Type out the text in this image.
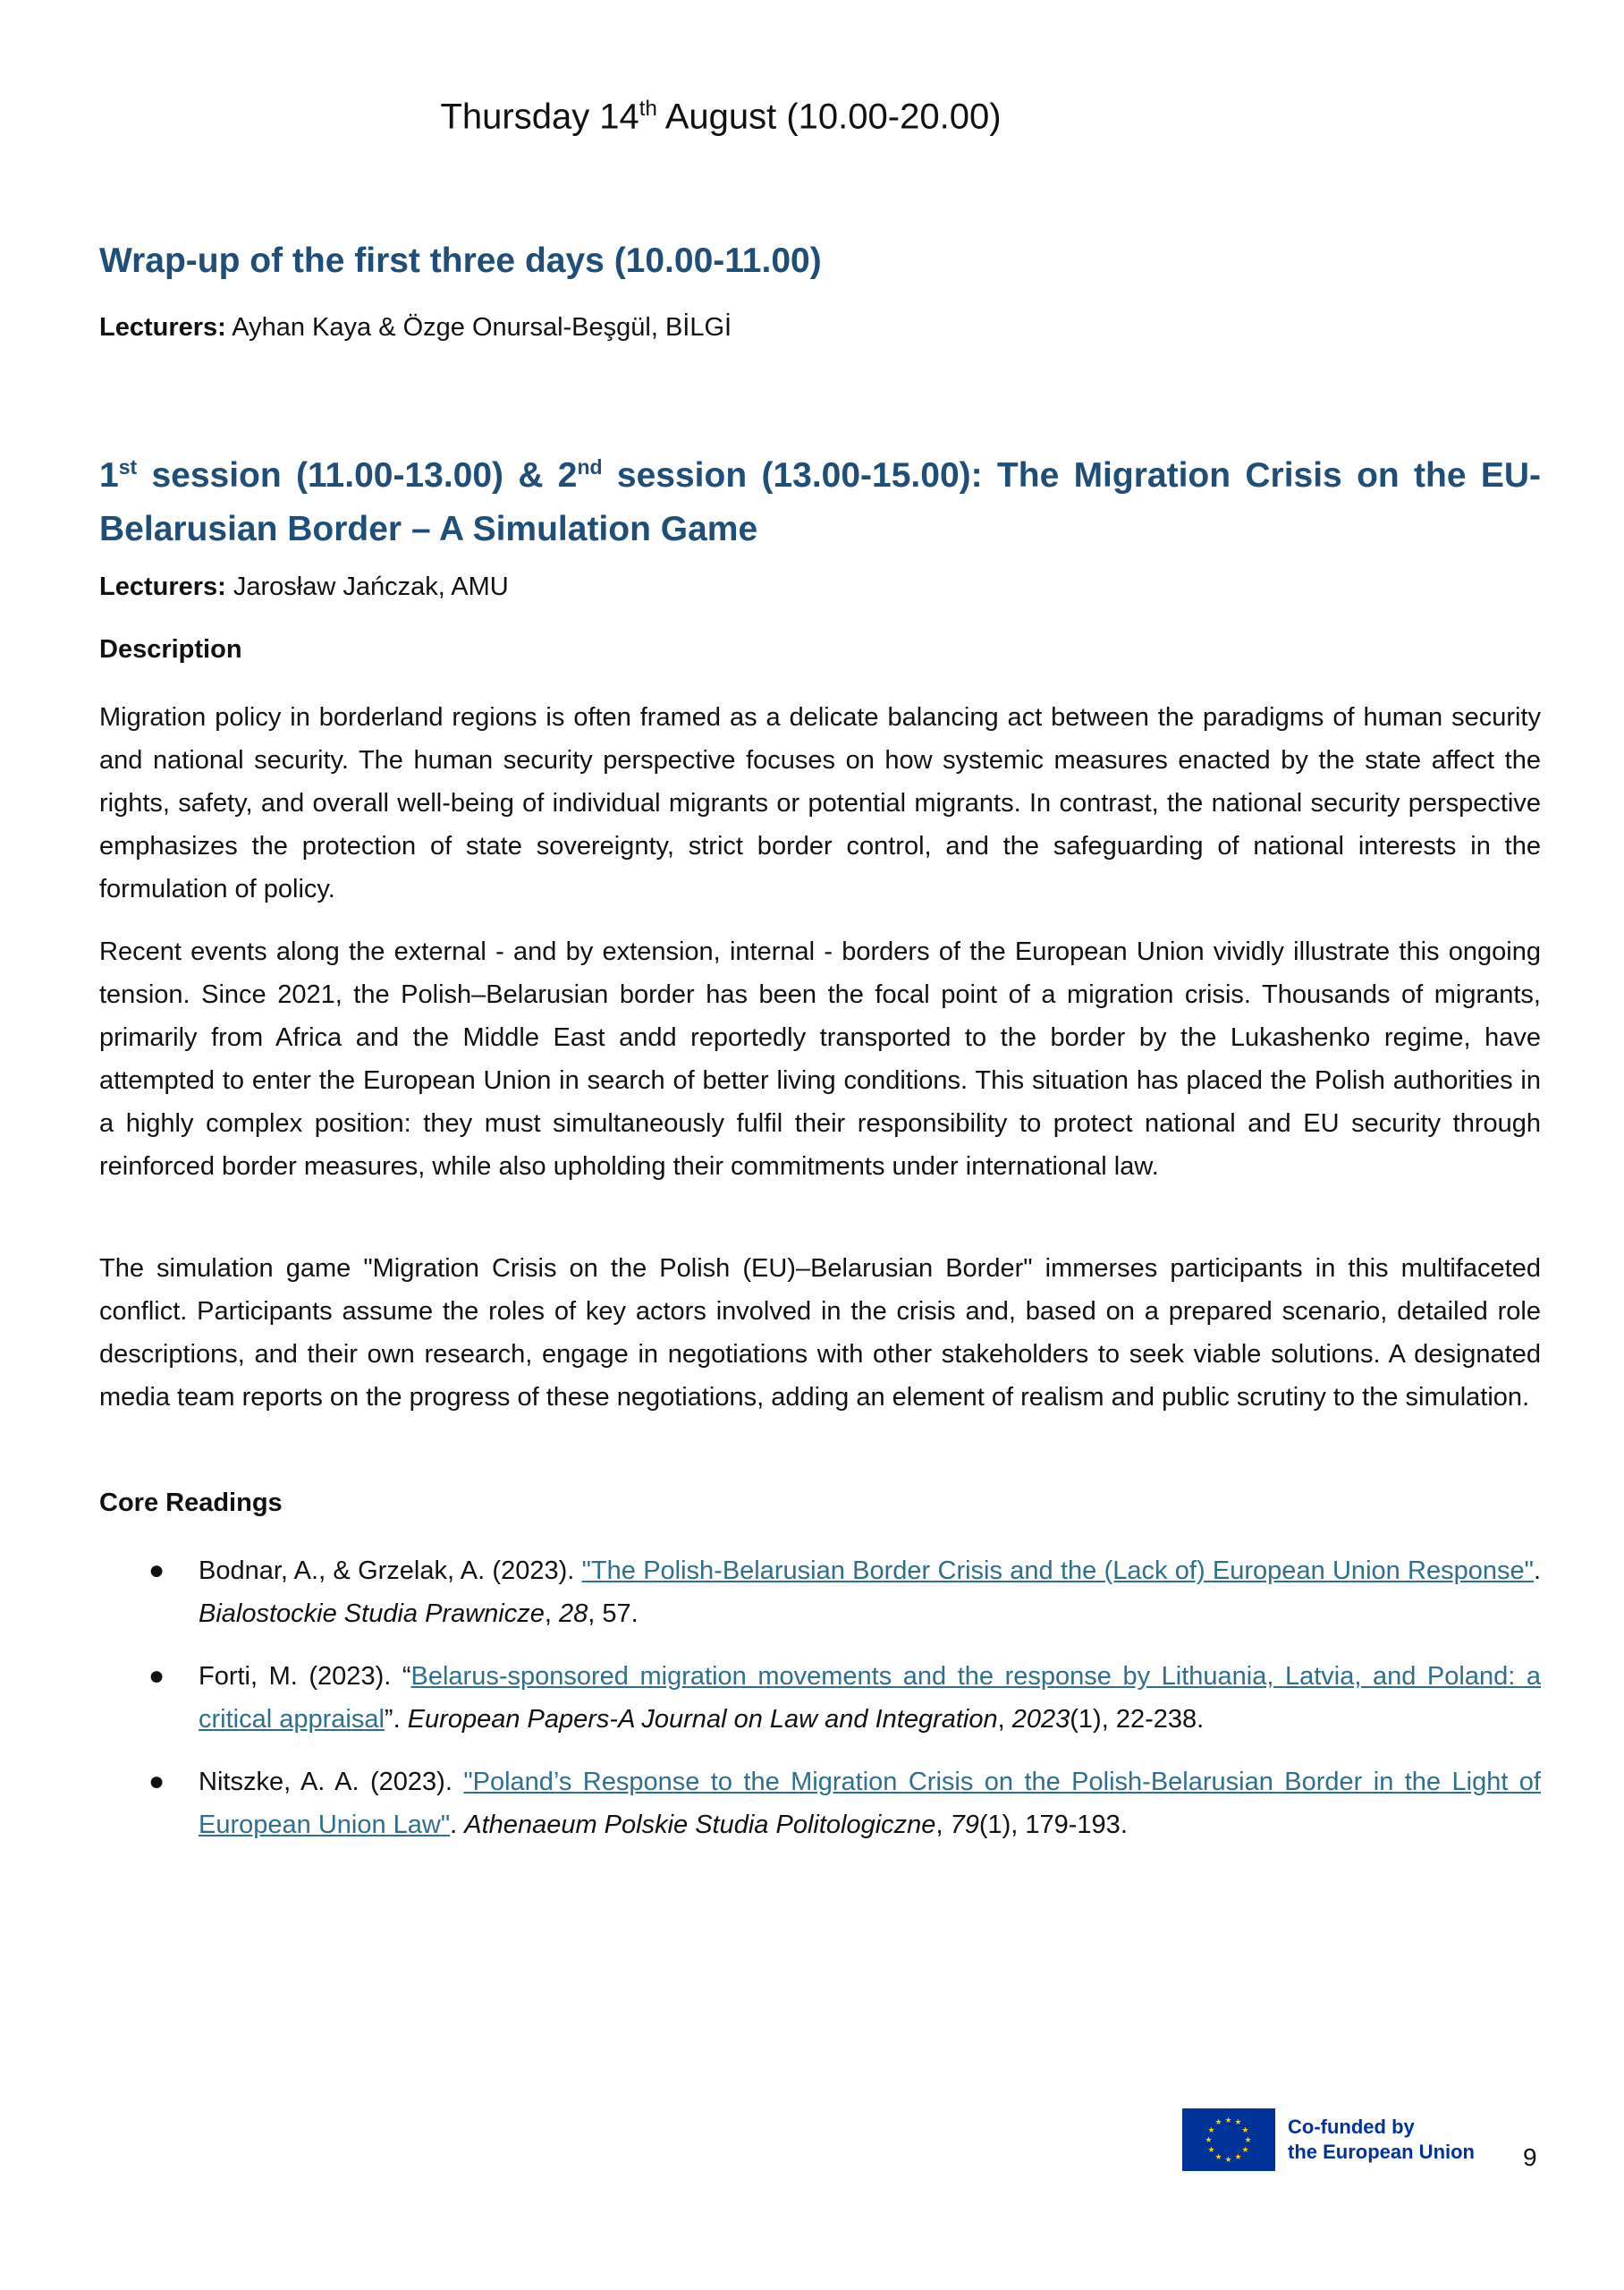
Thursday 14th August (10.00-20.00)

Wrap-up of the first three days (10.00-11.00)

Lecturers: Ayhan Kaya & Özge Onursal-Beşgül, BİLGİ

1st session (11.00-13.00) & 2nd session (13.00-15.00): The Migration Crisis on the EU-Belarusian Border – A Simulation Game

Lecturers: Jarosław Jańczak, AMU

Description

Migration policy in borderland regions is often framed as a delicate balancing act between the paradigms of human security and national security. The human security perspective focuses on how systemic measures enacted by the state affect the rights, safety, and overall well-being of individual migrants or potential migrants. In contrast, the national security perspective emphasizes the protection of state sovereignty, strict border control, and the safeguarding of national interests in the formulation of policy.

Recent events along the external - and by extension, internal - borders of the European Union vividly illustrate this ongoing tension. Since 2021, the Polish–Belarusian border has been the focal point of a migration crisis. Thousands of migrants, primarily from Africa and the Middle East andd reportedly transported to the border by the Lukashenko regime, have attempted to enter the European Union in search of better living conditions. This situation has placed the Polish authorities in a highly complex position: they must simultaneously fulfil their responsibility to protect national and EU security through reinforced border measures, while also upholding their commitments under international law.

The simulation game "Migration Crisis on the Polish (EU)–Belarusian Border" immerses participants in this multifaceted conflict. Participants assume the roles of key actors involved in the crisis and, based on a prepared scenario, detailed role descriptions, and their own research, engage in negotiations with other stakeholders to seek viable solutions. A designated media team reports on the progress of these negotiations, adding an element of realism and public scrutiny to the simulation.

Core Readings

● Bodnar, A., & Grzelak, A. (2023). "The Polish-Belarusian Border Crisis and the (Lack of) European Union Response". Bialostockie Studia Prawnicze, 28, 57.
● Forti, M. (2023). “Belarus-sponsored migration movements and the response by Lithuania, Latvia, and Poland: a critical appraisal”. European Papers-A Journal on Law and Integration, 2023(1), 22-238.
● Nitszke, A. A. (2023). "Poland’s Response to the Migration Crisis on the Polish-Belarusian Border in the Light of European Union Law". Athenaeum Polskie Studia Politologiczne, 79(1), 179-193.
★ ★
★
★
★
★
★
★
★
★
★
★	Co-funded by
the European Union 9
